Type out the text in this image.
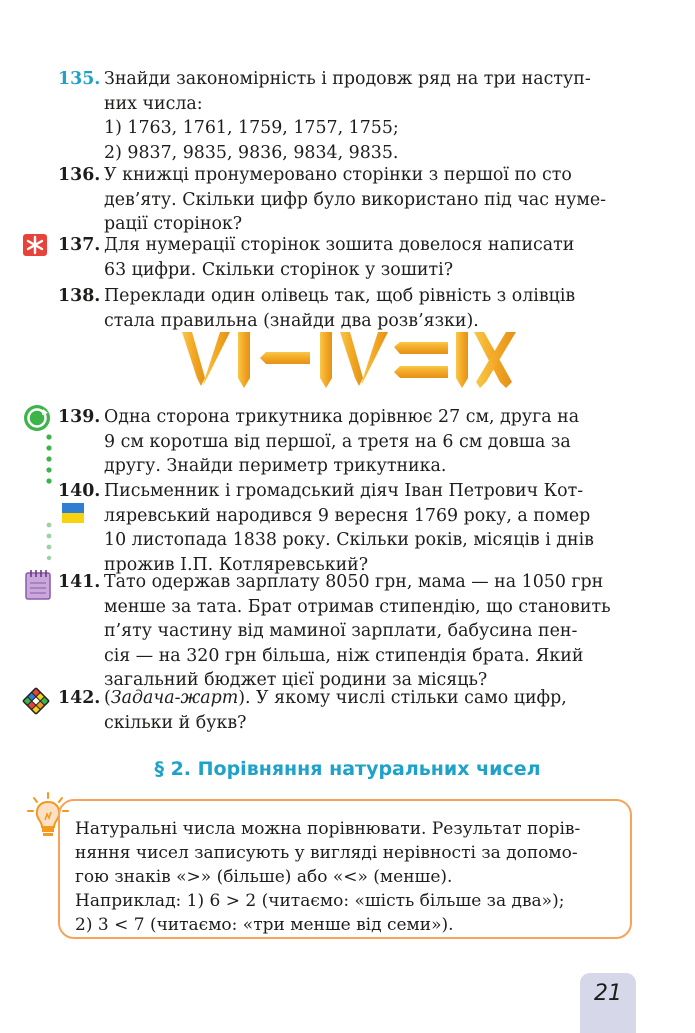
135. Знайди закономірність і продовж ряд на три наступ-
них числа:
1) 1763, 1761, 1759, 1757, 1755;
2) 9837, 9835, 9836, 9834, 9835.
136. У книжці пронумеровано сторінки з першої по сто
дев’яту. Скільки цифр було використано під час нуме-
рації сторінок?
137. Для нумерації сторінок зошита довелося написати
63 цифри. Скільки сторінок у зошиті?
138. Переклади один олівець так, щоб рівність з олівців
стала правильна (знайди два розв’язки).
139. Одна сторона трикутника дорівнює 27 см, друга на
9 см коротша від першої, а третя на 6 см довша за
другу. Знайди периметр трикутника.
140. Письменник і громадський діяч Іван Петрович Кот-
ляревський народився 9 вересня 1769 року, а помер
10 листопада 1838 року. Скільки років, місяців і днів
прожив І.П. Котляревський?
141. Тато одержав зарплату 8050 грн, мама — на 1050 грн
менше за тата. Брат отримав стипендію, що становить
п’яту частину від маминої зарплати, бабусина пен-
сія — на 320 грн більша, ніж стипендія брата. Який
загальний бюджет цієї родини за місяць?
142. (Задача-жарт). У якому числі стільки само цифр,
скільки й букв?
§ 2. Порівняння натуральних чисел
Натуральні числа можна порівнювати. Результат порів-
няння чисел записують у вигляді нерівності за допомо-
гою знаків «>» (більше) або «<» (менше).
Наприклад: 1) 6 > 2 (читаємо: «шість більше за два»);
2) 3 < 7 (читаємо: «три менше від семи»).
21
